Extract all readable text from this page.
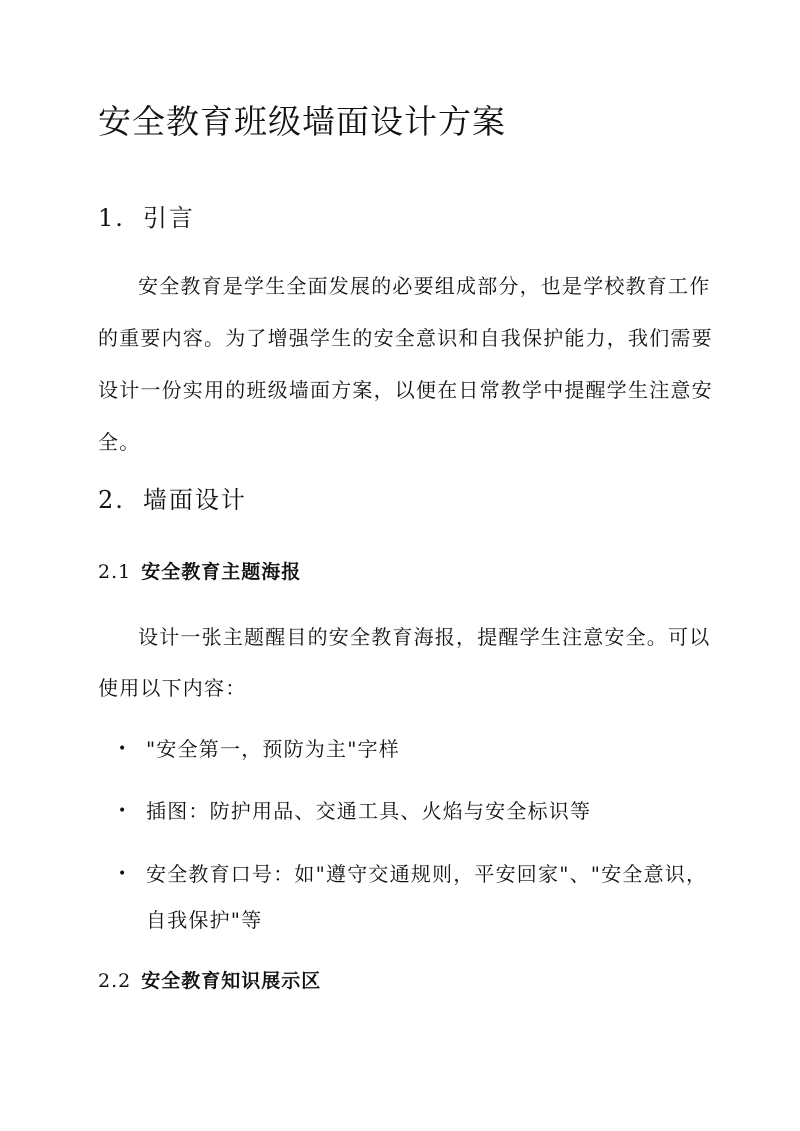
安全教育班级墙面设计方案
1. 引言

安全教育是学生全面发展的必要组成部分，也是学校教育工作

的重要内容。为了增强学生的安全意识和自我保护能力，我们需要

设计一份实用的班级墙面方案，以便在日常教学中提醒学生注意安

全。

2. 墙面设计
2.1 安全教育主题海报

设计一张主题醒目的安全教育海报，提醒学生注意安全。可以

使用以下内容：

• "安全第一，预防为主"字样

• 插图：防护用品、交通工具、火焰与安全标识等

• 安全教育口号：如"遵守交通规则，平安回家"、"安全意识，

自我保护"等

2.2 安全教育知识展示区
